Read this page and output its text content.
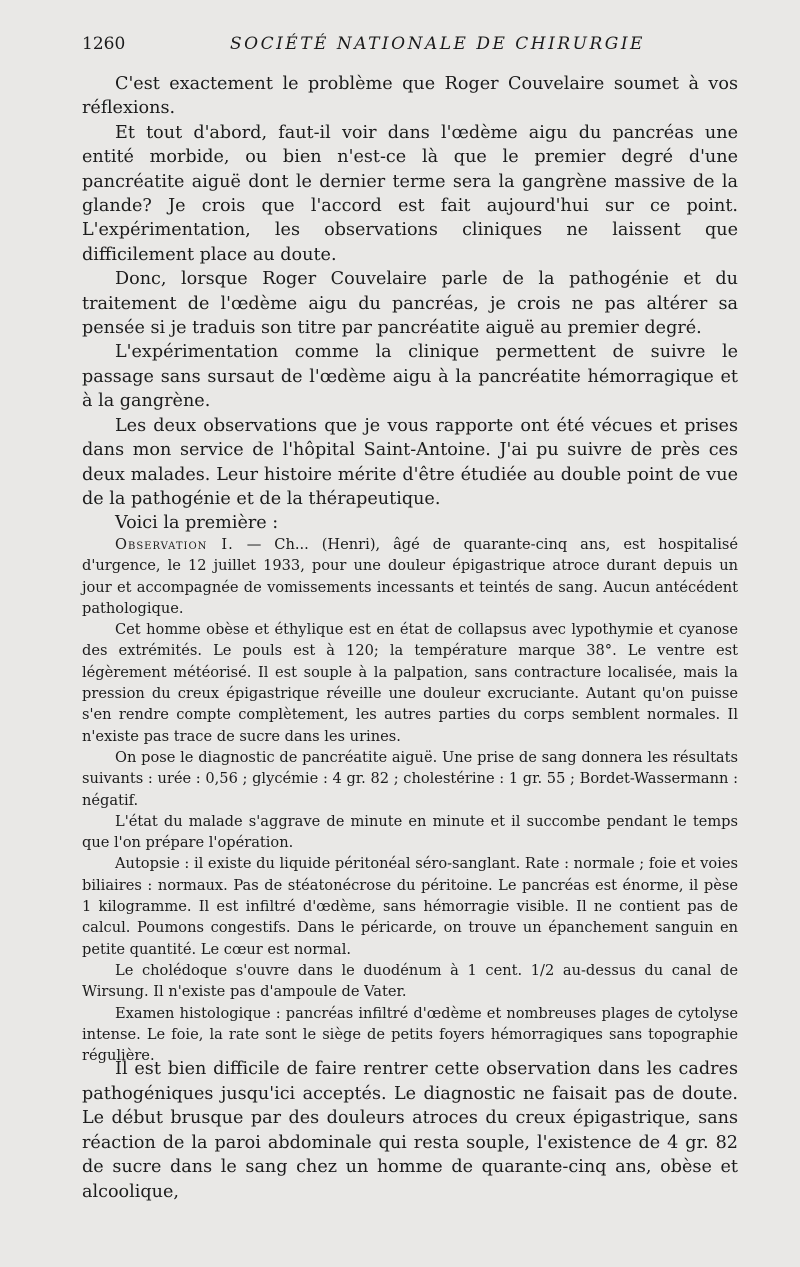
1260	SOCIÉTÉ NATIONALE DE CHIRURGIE

C'est exactement le problème que Roger Couvelaire soumet à vos réflexions.

Et tout d'abord, faut-il voir dans l'œdème aigu du pancréas une entité morbide, ou bien n'est-ce là que le premier degré d'une pancréatite aiguë dont le dernier terme sera la gangrène massive de la glande? Je crois que l'accord est fait aujourd'hui sur ce point. L'expérimentation, les observations cliniques ne laissent que difficilement place au doute.

Donc, lorsque Roger Couvelaire parle de la pathogénie et du traitement de l'œdème aigu du pancréas, je crois ne pas altérer sa pensée si je traduis son titre par pancréatite aiguë au premier degré.

L'expérimentation comme la clinique permettent de suivre le passage sans sursaut de l'œdème aigu à la pancréatite hémorragique et à la gangrène.

Les deux observations que je vous rapporte ont été vécues et prises dans mon service de l'hôpital Saint-Antoine. J'ai pu suivre de près ces deux malades. Leur histoire mérite d'être étudiée au double point de vue de la pathogénie et de la thérapeutique.

Voici la première :

Observation I. — Ch... (Henri), âgé de quarante-cinq ans, est hospitalisé d'urgence, le 12 juillet 1933, pour une douleur épigastrique atroce durant depuis un jour et accompagnée de vomissements incessants et teintés de sang. Aucun antécédent pathologique.

Cet homme obèse et éthylique est en état de collapsus avec lypothymie et cyanose des extrémités. Le pouls est à 120; la température marque 38°. Le ventre est légèrement météorisé. Il est souple à la palpation, sans contracture localisée, mais la pression du creux épigastrique réveille une douleur excruciante. Autant qu'on puisse s'en rendre compte complètement, les autres parties du corps semblent normales. Il n'existe pas trace de sucre dans les urines.

On pose le diagnostic de pancréatite aiguë. Une prise de sang donnera les résultats suivants : urée : 0,56 ; glycémie : 4 gr. 82 ; cholestérine : 1 gr. 55 ; Bordet-Wassermann : négatif.

L'état du malade s'aggrave de minute en minute et il succombe pendant le temps que l'on prépare l'opération.

Autopsie : il existe du liquide péritonéal séro-sanglant. Rate : normale ; foie et voies biliaires : normaux. Pas de stéatonécrose du péritoine. Le pancréas est énorme, il pèse 1 kilogramme. Il est infiltré d'œdème, sans hémorragie visible. Il ne contient pas de calcul. Poumons congestifs. Dans le péricarde, on trouve un épanchement sanguin en petite quantité. Le cœur est normal.

Le cholédoque s'ouvre dans le duodénum à 1 cent. 1/2 au-dessus du canal de Wirsung. Il n'existe pas d'ampoule de Vater.

Examen histologique : pancréas infiltré d'œdème et nombreuses plages de cytolyse intense. Le foie, la rate sont le siège de petits foyers hémorragiques sans topographie régulière.

Il est bien difficile de faire rentrer cette observation dans les cadres pathogéniques jusqu'ici acceptés. Le diagnostic ne faisait pas de doute. Le début brusque par des douleurs atroces du creux épigastrique, sans réaction de la paroi abdominale qui resta souple, l'existence de 4 gr. 82 de sucre dans le sang chez un homme de quarante-cinq ans, obèse et alcoolique,
